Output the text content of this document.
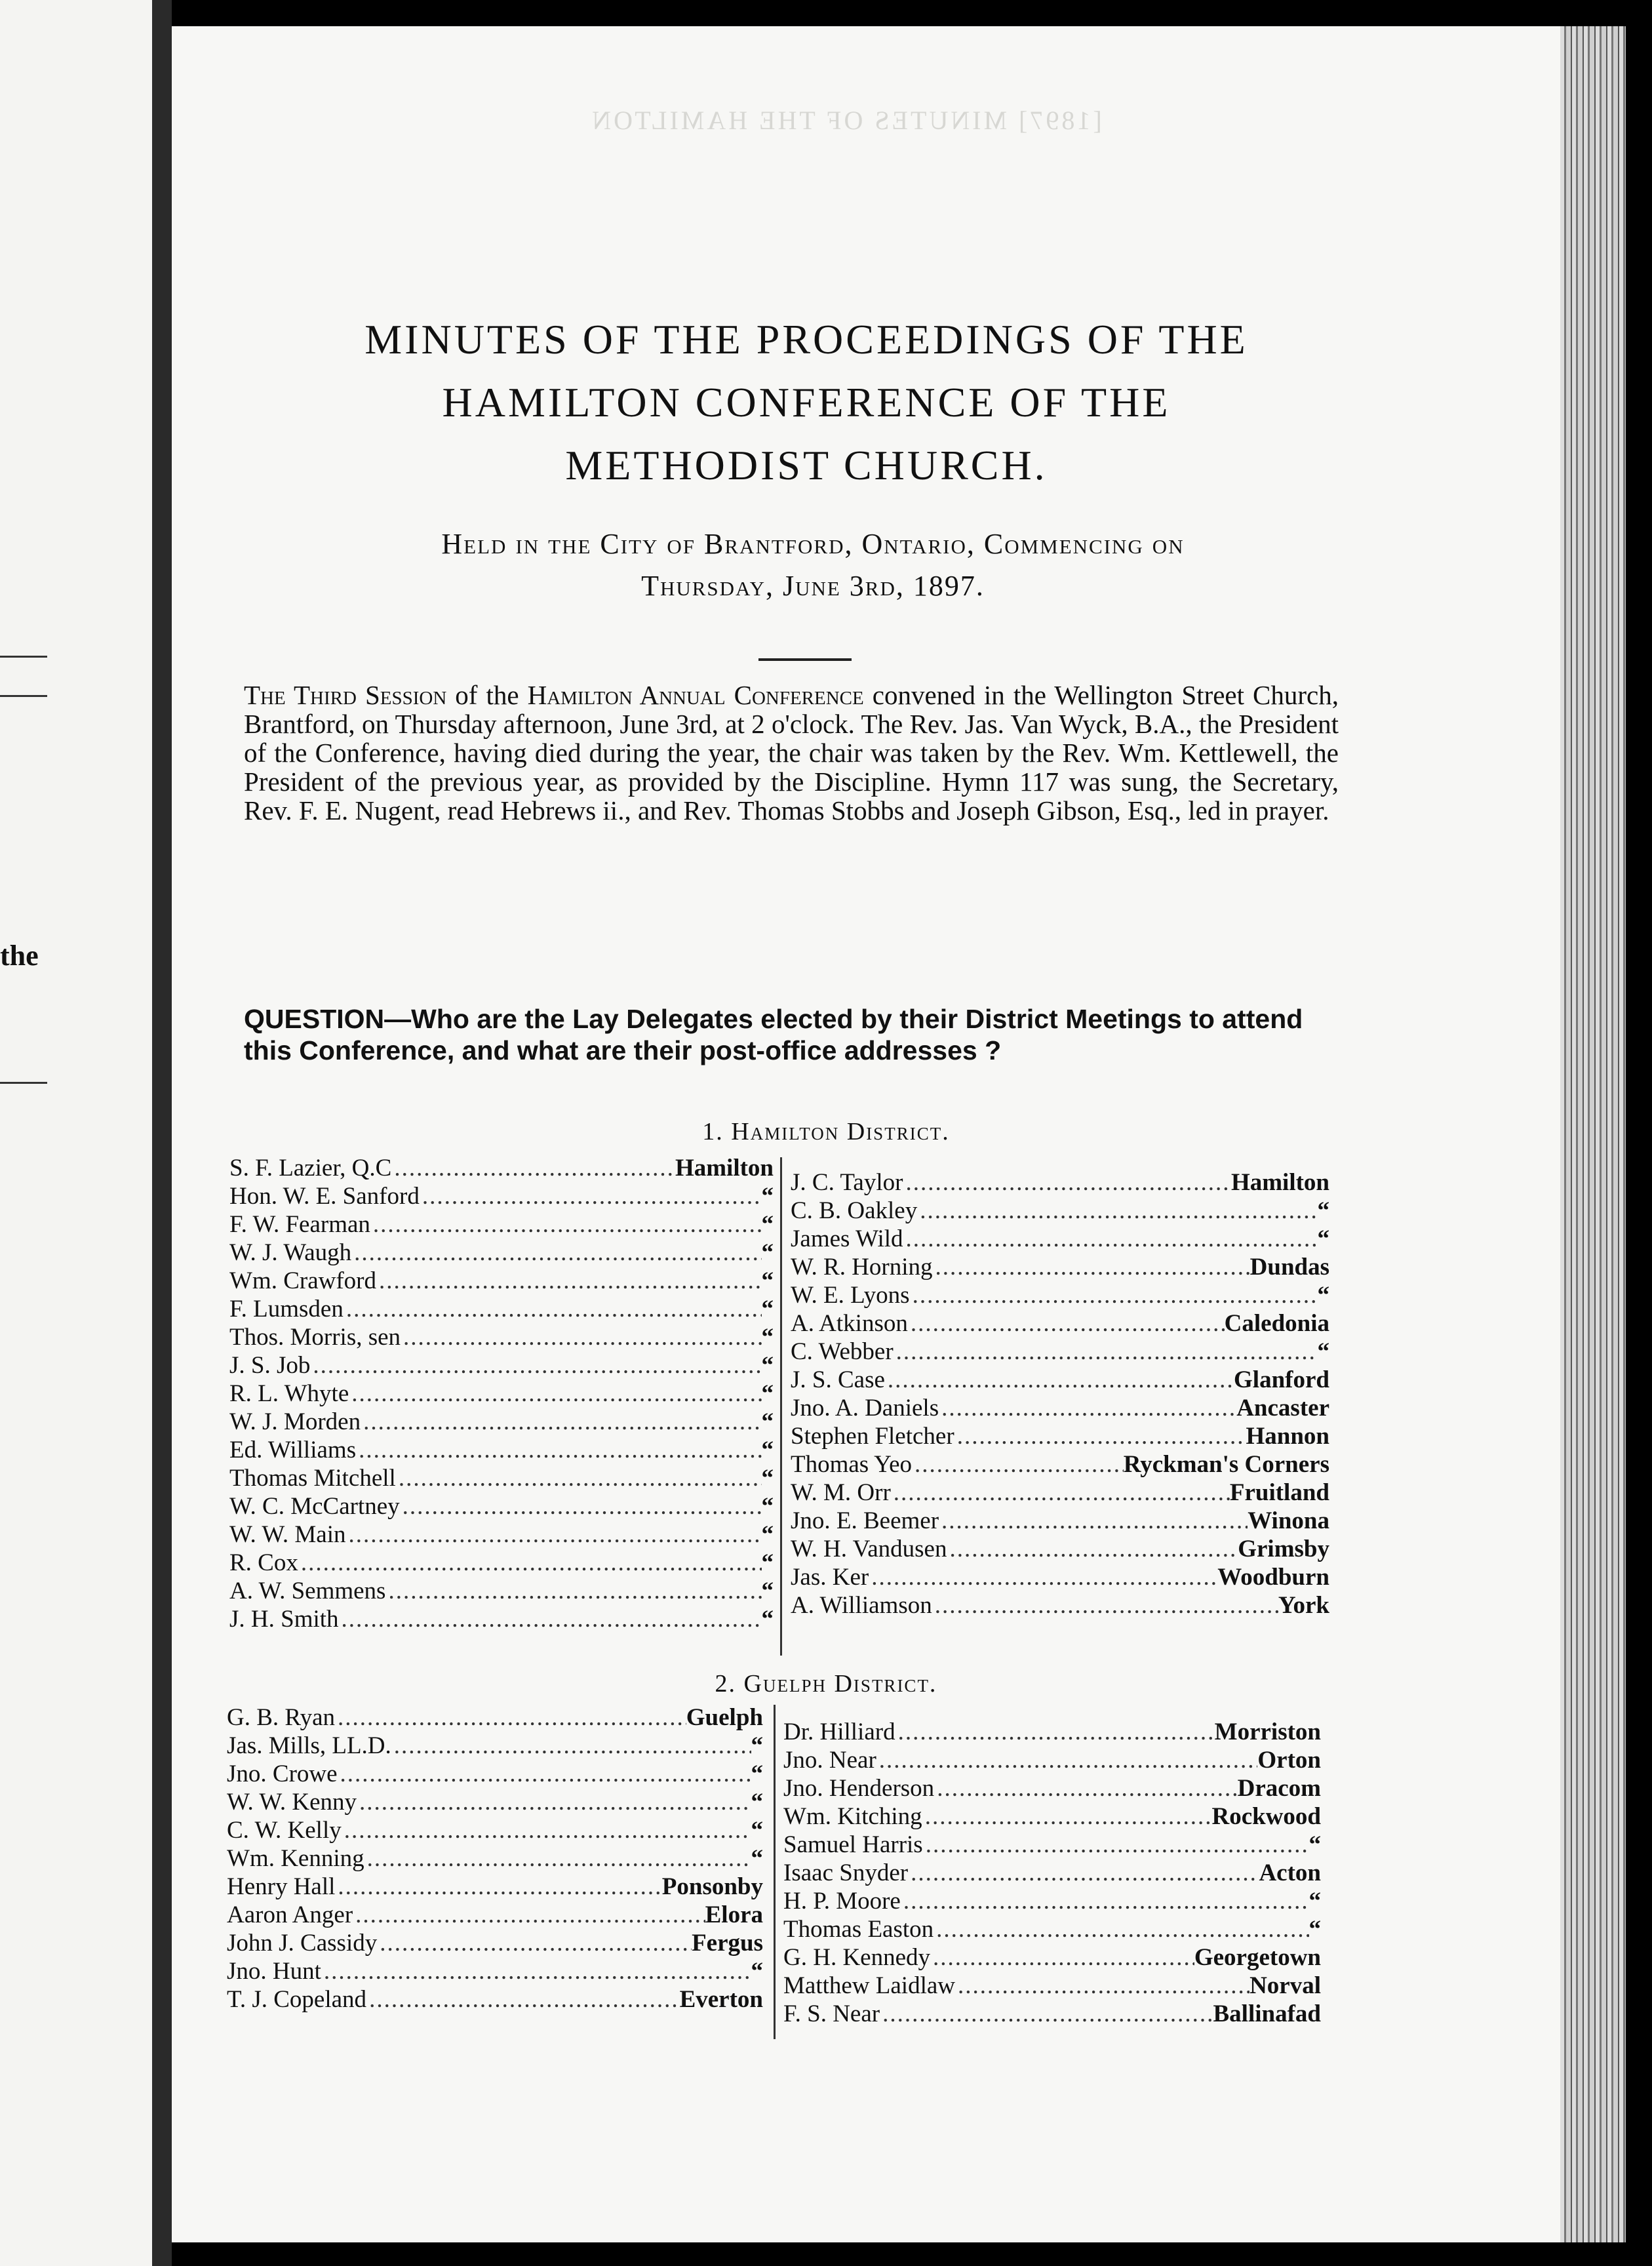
the
[1897] MINUTES OF THE HAMILTON
MINUTES OF THE PROCEEDINGS OF THE
HAMILTON CONFERENCE OF THE
METHODIST CHURCH.
Held in the City of Brantford, Ontario, Commencing on
Thursday, June 3rd, 1897.
The Third Session of the Hamilton Annual Conference convened in the Wellington Street Church, Brantford, on Thursday afternoon, June 3rd, at 2 o'clock. The Rev. Jas. Van Wyck, B.A., the President of the Conference, having died during the year, the chair was taken by the Rev. Wm. Kettlewell, the President of the previous year, as provided by the Discipline. Hymn 117 was sung, the Secretary, Rev. F. E. Nugent, read Hebrews ii., and Rev. Thomas Stobbs and Joseph Gibson, Esq., led in prayer.
QUESTION—Who are the Lay Delegates elected by their District Meetings to attend this Conference, and what are their post-office addresses ?
1. Hamilton District.
S. F. Lazier, Q.C .....	Hamilton
Hon. W. E. Sanford .....	“
F. W. Fearman .....	“
W. J. Waugh .....	“
Wm. Crawford .....	“
F. Lumsden .....	“
Thos. Morris, sen .....	“
J. S. Job .....	“
R. L. Whyte .....	“
W. J. Morden .....	“
Ed. Williams .....	“
Thomas Mitchell .....	“
W. C. McCartney .....	“
W. W. Main .....	“
R. Cox .....	“
A. W. Semmens .....	“
J. H. Smith .....	“
J. C. Taylor .....	Hamilton
C. B. Oakley .....	“
James Wild .....	“
W. R. Horning .....	Dundas
W. E. Lyons .....	“
A. Atkinson .....	Caledonia
C. Webber .....	“
J. S. Case .....	Glanford
Jno. A. Daniels .....	Ancaster
Stephen Fletcher .....	Hannon
Thomas Yeo .....	Ryckman's Corners
W. M. Orr .....	Fruitland
Jno. E. Beemer .....	Winona
W. H. Vandusen .....	Grimsby
Jas. Ker .....	Woodburn
A. Williamson .....	York
2. Guelph District.
G. B. Ryan .....	Guelph
Jas. Mills, LL.D. .....	“
Jno. Crowe .....	“
W. W. Kenny .....	“
C. W. Kelly .....	“
Wm. Kenning .....	“
Henry Hall .....	Ponsonby
Aaron Anger .....	Elora
John J. Cassidy .....	Fergus
Jno. Hunt .....	“
T. J. Copeland .....	Everton
Dr. Hilliard .....	Morriston
Jno. Near .....	Orton
Jno. Henderson .....	Dracom
Wm. Kitching .....	Rockwood
Samuel Harris .....	“
Isaac Snyder .....	Acton
H. P. Moore .....	“
Thomas Easton .....	“
G. H. Kennedy .....	Georgetown
Matthew Laidlaw .....	Norval
F. S. Near .....	Ballinafad
